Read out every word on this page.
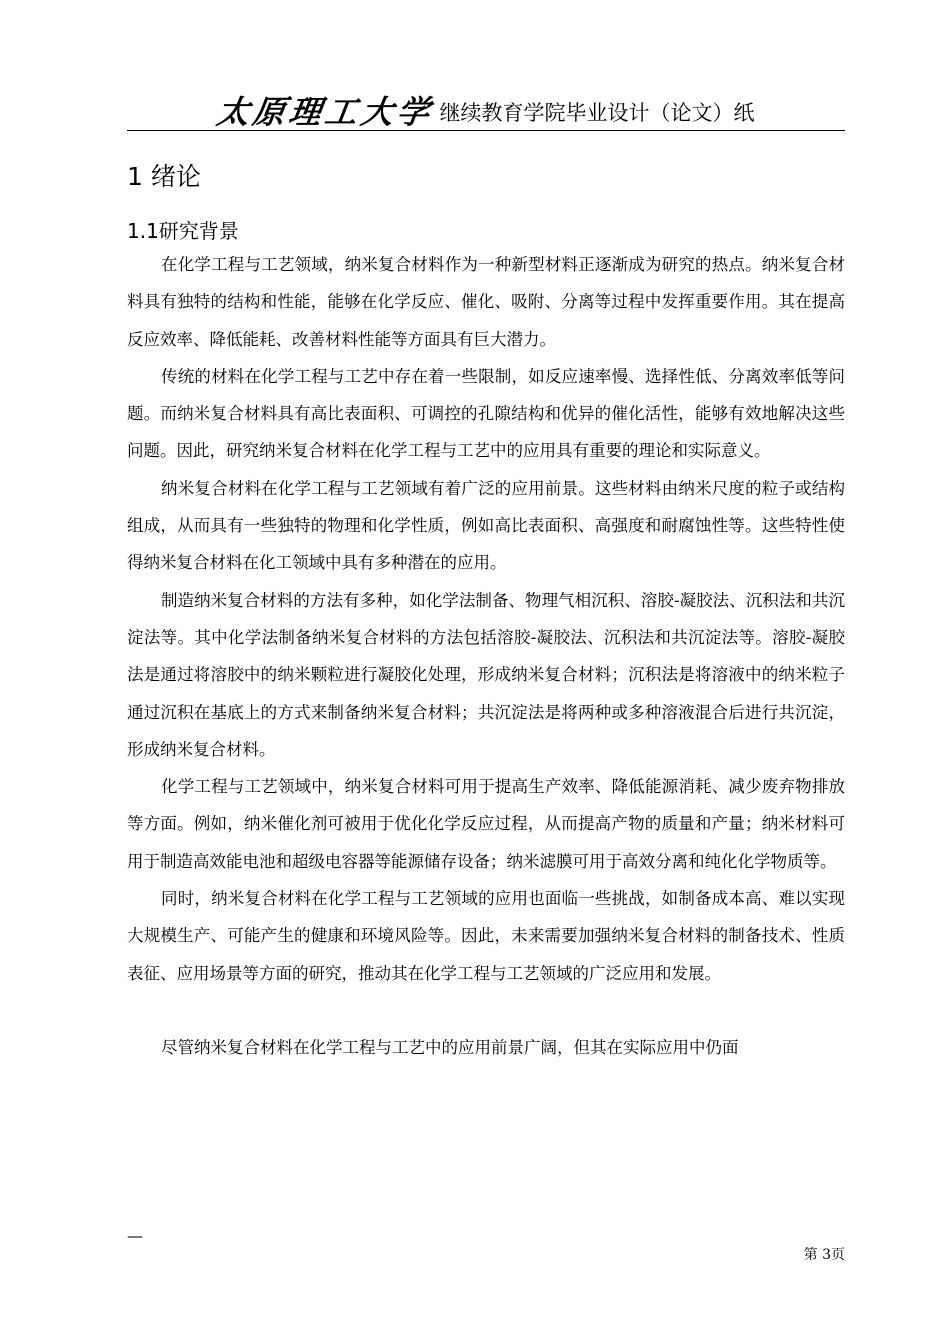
太原理工大学 继续教育学院毕业设计（论文）纸
1 绪论
1.1研究背景

在化学工程与工艺领域，纳米复合材料作为一种新型材料正逐渐成为研究的热点。纳米复合材料具有独特的结构和性能，能够在化学反应、催化、吸附、分离等过程中发挥重要作用。其在提高反应效率、降低能耗、改善材料性能等方面具有巨大潜力。

传统的材料在化学工程与工艺中存在着一些限制，如反应速率慢、选择性低、分离效率低等问题。而纳米复合材料具有高比表面积、可调控的孔隙结构和优异的催化活性，能够有效地解决这些问题。因此，研究纳米复合材料在化学工程与工艺中的应用具有重要的理论和实际意义。

纳米复合材料在化学工程与工艺领域有着广泛的应用前景。这些材料由纳米尺度的粒子或结构组成，从而具有一些独特的物理和化学性质，例如高比表面积、高强度和耐腐蚀性等。这些特性使得纳米复合材料在化工领域中具有多种潜在的应用。

制造纳米复合材料的方法有多种，如化学法制备、物理气相沉积、溶胶-凝胶法、沉积法和共沉淀法等。其中化学法制备纳米复合材料的方法包括溶胶-凝胶法、沉积法和共沉淀法等。溶胶-凝胶法是通过将溶胶中的纳米颗粒进行凝胶化处理，形成纳米复合材料；沉积法是将溶液中的纳米粒子通过沉积在基底上的方式来制备纳米复合材料；共沉淀法是将两种或多种溶液混合后进行共沉淀，形成纳米复合材料。

化学工程与工艺领域中，纳米复合材料可用于提高生产效率、降低能源消耗、减少废弃物排放等方面。例如，纳米催化剂可被用于优化化学反应过程，从而提高产物的质量和产量；纳米材料可用于制造高效能电池和超级电容器等能源储存设备；纳米滤膜可用于高效分离和纯化化学物质等。

同时，纳米复合材料在化学工程与工艺领域的应用也面临一些挑战，如制备成本高、难以实现大规模生产、可能产生的健康和环境风险等。因此，未来需要加强纳米复合材料的制备技术、性质表征、应用场景等方面的研究，推动其在化学工程与工艺领域的广泛应用和发展。

尽管纳米复合材料在化学工程与工艺中的应用前景广阔，但其在实际应用中仍面

—
第 3页
